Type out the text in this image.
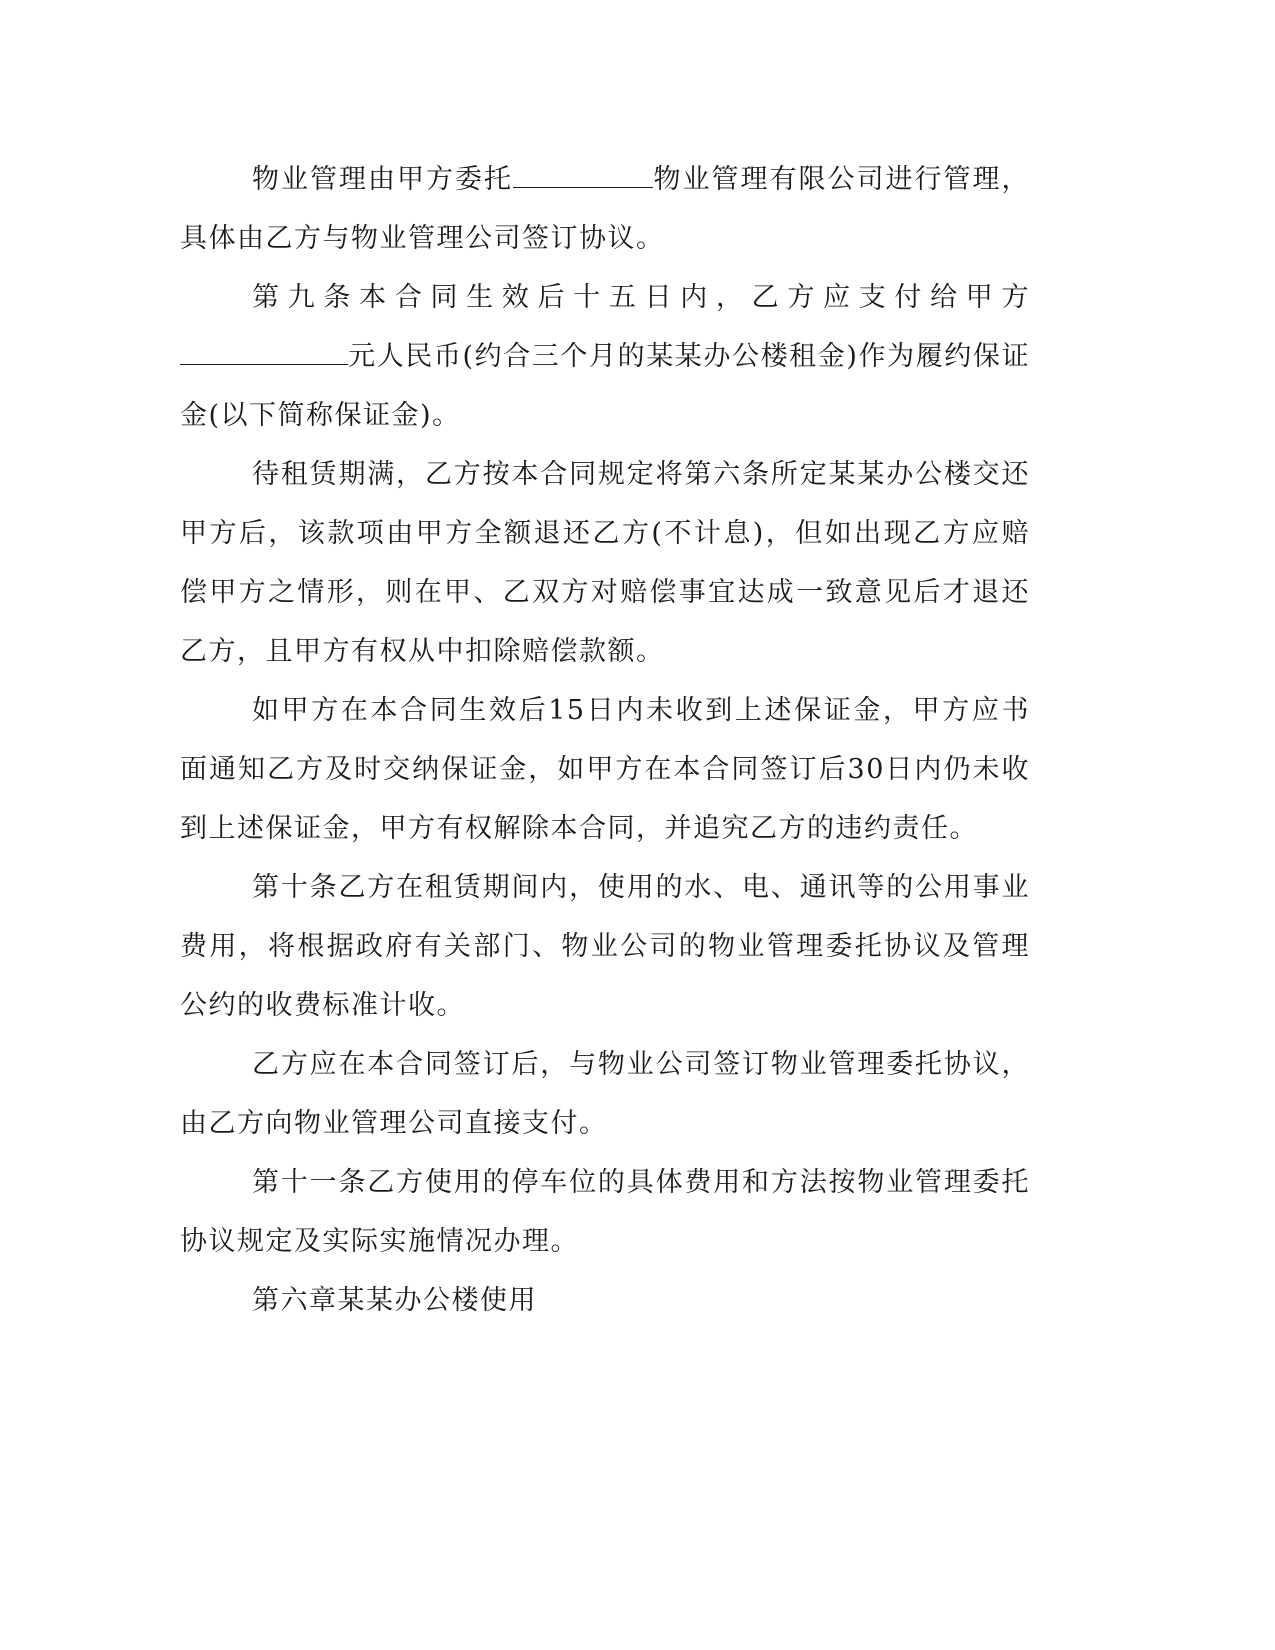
物业管理由甲方委托	物业管理有限公司进行管理，具体由乙方与物业管理公司签订协议。

第九条本合同生效后十五日内，乙方应支付给甲方元人民币(约合三个月的某某办公楼租金)作为履约保证金(以下简称保证金)。

待租赁期满，乙方按本合同规定将第六条所定某某办公楼交还甲方后，该款项由甲方全额退还乙方(不计息)，但如出现乙方应赔偿甲方之情形，则在甲、乙双方对赔偿事宜达成一致意见后才退还乙方，且甲方有权从中扣除赔偿款额。

如甲方在本合同生效后15日内未收到上述保证金，甲方应书面通知乙方及时交纳保证金，如甲方在本合同签订后30日内仍未收到上述保证金，甲方有权解除本合同，并追究乙方的违约责任。

第十条乙方在租赁期间内，使用的水、电、通讯等的公用事业费用，将根据政府有关部门、物业公司的物业管理委托协议及管理公约的收费标准计收。

乙方应在本合同签订后，与物业公司签订物业管理委托协议，由乙方向物业管理公司直接支付。

第十一条乙方使用的停车位的具体费用和方法按物业管理委托协议规定及实际实施情况办理。

第六章某某办公楼使用
